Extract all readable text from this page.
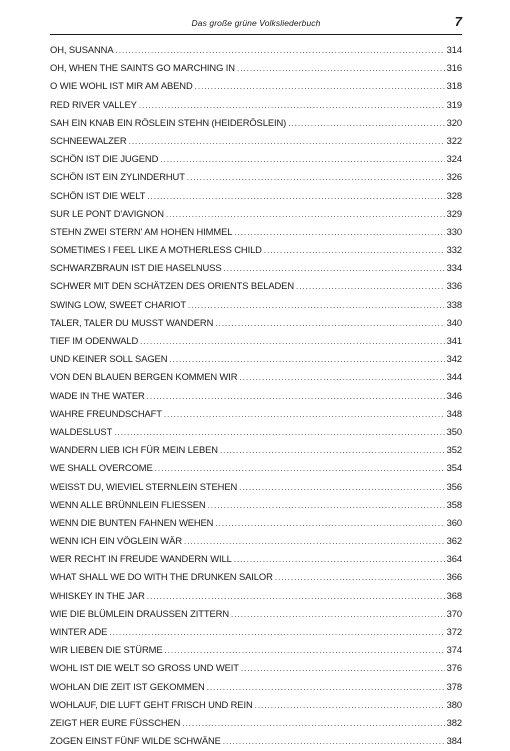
Das große grüne Volksliederbuch	7
OH, SUSANNA .....	314
OH, WHEN THE SAINTS GO MARCHING IN .....	316
O WIE WOHL IST MIR AM ABEND .....	318
RED RIVER VALLEY .....	319
SAH EIN KNAB EIN RÖSLEIN STEHN (HEIDERÖSLEIN) .....	320
SCHNEEWALZER .....	322
SCHÖN IST DIE JUGEND .....	324
SCHÖN IST EIN ZYLINDERHUT .....	326
SCHÖN IST DIE WELT .....	328
SUR LE PONT D'AVIGNON .....	329
STEHN ZWEI STERN' AM HOHEN HIMMEL .....	330
SOMETIMES I FEEL LIKE A MOTHERLESS CHILD .....	332
SCHWARZBRAUN IST DIE HASELNUSS .....	334
SCHWER MIT DEN SCHÄTZEN DES ORIENTS BELADEN .....	336
SWING LOW, SWEET CHARIOT .....	338
TALER, TALER DU MUSST WANDERN .....	340
TIEF IM ODENWALD .....	341
UND KEINER SOLL SAGEN .....	342
VON DEN BLAUEN BERGEN KOMMEN WIR .....	344
WADE IN THE WATER .....	346
WAHRE FREUNDSCHAFT .....	348
WALDESLUST .....	350
WANDERN LIEB ICH FÜR MEIN LEBEN .....	352
WE SHALL OVERCOME .....	354
WEISST DU, WIEVIEL STERNLEIN STEHEN .....	356
WENN ALLE BRÜNNLEIN FLIESSEN .....	358
WENN DIE BUNTEN FAHNEN WEHEN .....	360
WENN ICH EIN VÖGLEIN WÄR .....	362
WER RECHT IN FREUDE WANDERN WILL .....	364
WHAT SHALL WE DO WITH THE DRUNKEN SAILOR .....	366
WHISKEY IN THE JAR .....	368
WIE DIE BLÜMLEIN DRAUSSEN ZITTERN .....	370
WINTER ADE .....	372
WIR LIEBEN DIE STÜRME .....	374
WOHL IST DIE WELT SO GROSS UND WEIT .....	376
WOHLAN DIE ZEIT IST GEKOMMEN .....	378
WOHLAUF, DIE LUFT GEHT FRISCH UND REIN .....	380
ZEIGT HER EURE FÜSSCHEN .....	382
ZOGEN EINST FÜNF WILDE SCHWÄNE .....	384
